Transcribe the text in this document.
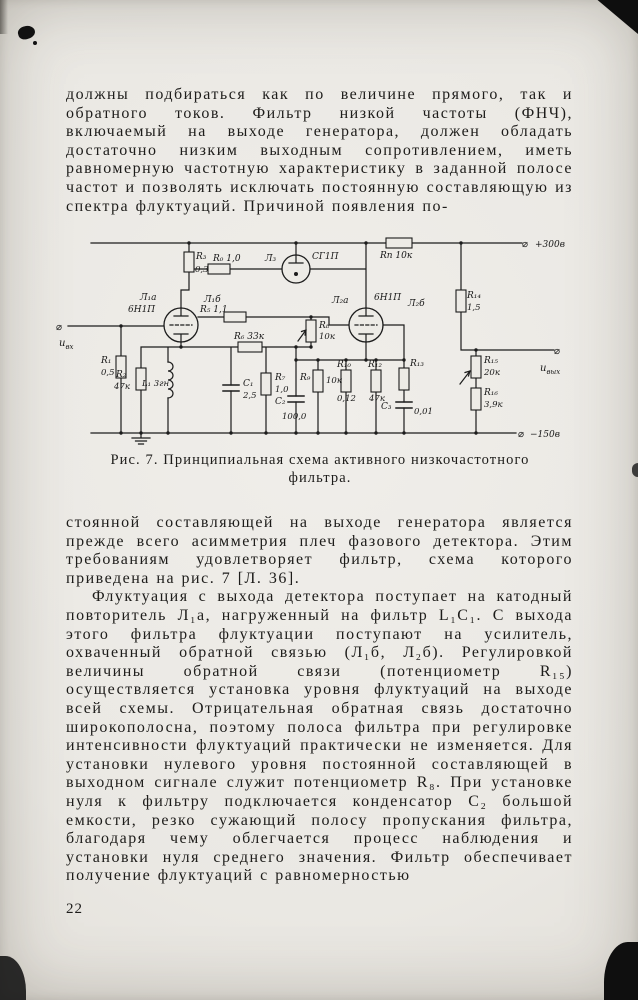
должны подбираться как по величине прямого, так и обратного токов. Фильтр низкой частоты (ФНЧ), включаемый на выходе генератора, должен обладать достаточно низким выходным сопротивлением, иметь равномерную частотную характеристику в заданной полосе частот и позволять исключать постоянную составляющую из спектра флуктуаций. Причиной появления по-

⌀ +300в
⌀ −150в
⌀
$u_{вх}$	⌀
$u_{вых}$
Л₁а
6Н1П
Л₁б	Л₂а	6Н1П
Л₂б
Л₃	СГ1П
R₃
0,3
R₀ 1,0	Rп 10к
R₁₄
1,5
R₅ 1,1
R₆ 33к
R₈
10к
R₁
0,5 R₂
47к L₁ 3гн	C₁
2,5
R₇
1,0
C₂
100,0
R₉ 10к
R₁₀
0,12
R₁₂
47к
R₁₃
C₃	0,01
R₁₅
20к
R₁₆
3,9к

Рис. 7. Принципиальная схема активного низкочастотного фильтра.

стоянной составляющей на выходе генератора является прежде всего асимметрия плеч фазового детектора. Этим требованиям удовлетворяет фильтр, схема которого приведена на рис. 7 [Л. 36].

Флуктуация с выхода детектора поступает на катодный повторитель Л₁а, нагруженный на фильтр L₁C₁. С выхода этого фильтра флуктуации поступают на усилитель, охваченный обратной связью (Л₁б, Л₂б). Регулировкой величины обратной связи (потенциометр R₁₅) осуществляется установка уровня флуктуаций на выходе всей схемы. Отрицательная обратная связь достаточно широкополосна, поэтому полоса фильтра при регулировке интенсивности флуктуаций практически не изменяется. Для установки нулевого уровня постоянной составляющей в выходном сигнале служит потенциометр R₈. При установке нуля к фильтру подключается конденсатор С₂ большой емкости, резко сужающий полосу пропускания фильтра, благодаря чему облегчается процесс наблюдения и установки нуля среднего значения. Фильтр обеспечивает получение флуктуаций с равномерностью

22
